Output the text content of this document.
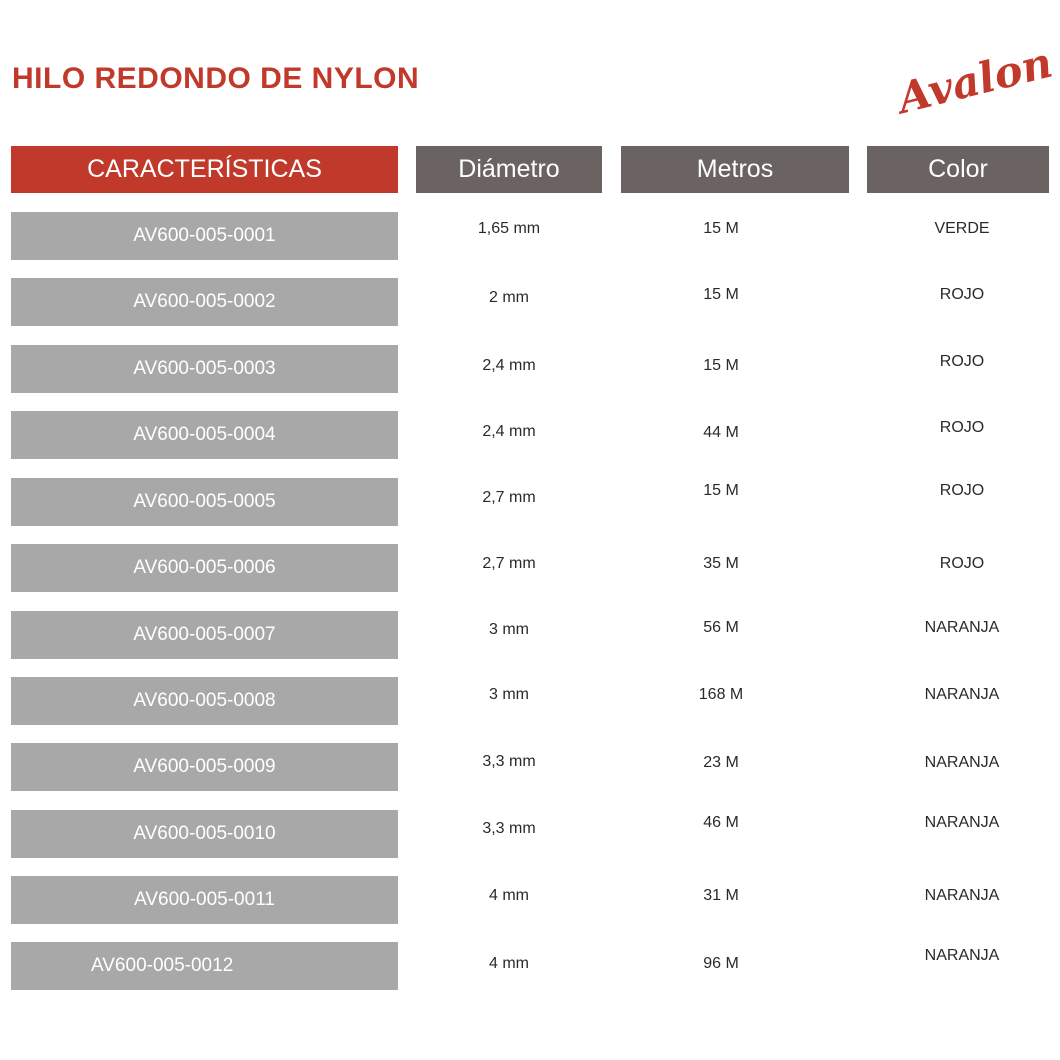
HILO REDONDO DE NYLON	Avalon
CARACTERÍSTICAS	Diámetro	Metros	Color
AV600-005-0001	1,65 mm	15 M	VERDE
AV600-005-0002	2 mm	15 M	ROJO
AV600-005-0003	2,4 mm	15 M	ROJO
AV600-005-0004	2,4 mm	44 M	ROJO
AV600-005-0005	2,7 mm	15 M	ROJO
AV600-005-0006	2,7 mm	35 M	ROJO
AV600-005-0007	3 mm	56 M	NARANJA
AV600-005-0008	3 mm	168 M	NARANJA
AV600-005-0009	3,3 mm	23 M	NARANJA
AV600-005-0010	3,3 mm	46 M	NARANJA
AV600-005-0011	4 mm	31 M	NARANJA
AV600-005-0012	4 mm	96 M	NARANJA
